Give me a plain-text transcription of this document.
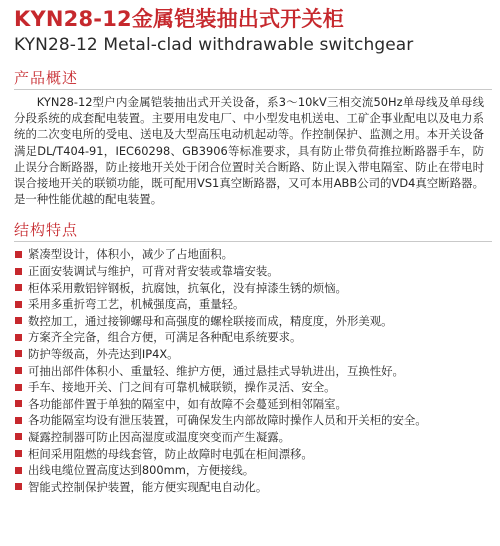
KYN28-12金属铠装抽出式开关柜
KYN28-12 Metal-clad withdrawable switchgear
产品概述

KYN28-12型户内金属铠装抽出式开关设备，系3～10kV三相交流50Hz单母线及单母线分段系统的成套配电装置。主要用电发电厂、中小型发电机送电、工矿企事业配电以及电力系统的二次变电所的受电、送电及大型高压电动机起动等。作控制保护、监测之用。本开关设备满足DL/T404-91，IEC60298、GB3906等标准要求，具有防止带负荷推拉断路器手车，防止误分合断路器，防止接地开关处于闭合位置时关合断路、防止误入带电隔室、防止在带电时误合接地开关的联锁功能，既可配用VS1真空断路器，又可本用ABB公司的VD4真空断路器。是一种性能优越的配电装置。

结构特点
紧凑型设计，体积小，减少了占地面积。
正面安装调试与维护，可背对背安装或靠墙安装。
柜体采用敷铝锌钢板，抗腐蚀，抗氧化，没有掉漆生锈的烦恼。
采用多重折弯工艺，机械强度高，重量轻。
数控加工，通过接铆螺母和高强度的螺栓联接而成，精度度，外形美观。
方案齐全完备，组合方便，可满足各种配电系统要求。
防护等级高，外壳达到IP4X。
可抽出部件体积小、重量轻、维护方便，通过悬挂式导轨进出，互换性好。
手车、接地开关、门之间有可靠机械联锁，操作灵活、安全。
各功能部件置于单独的隔室中，如有故障不会蔓延到相邻隔室。
各功能隔室均设有泄压装置，可确保发生内部故障时操作人员和开关柜的安全。
凝露控制器可防止因高湿度或温度突变而产生凝露。
柜间采用阻燃的母线套管，防止故障时电弧在柜间漂移。
出线电缆位置高度达到800mm，方便接线。
智能式控制保护装置，能方便实现配电自动化。
